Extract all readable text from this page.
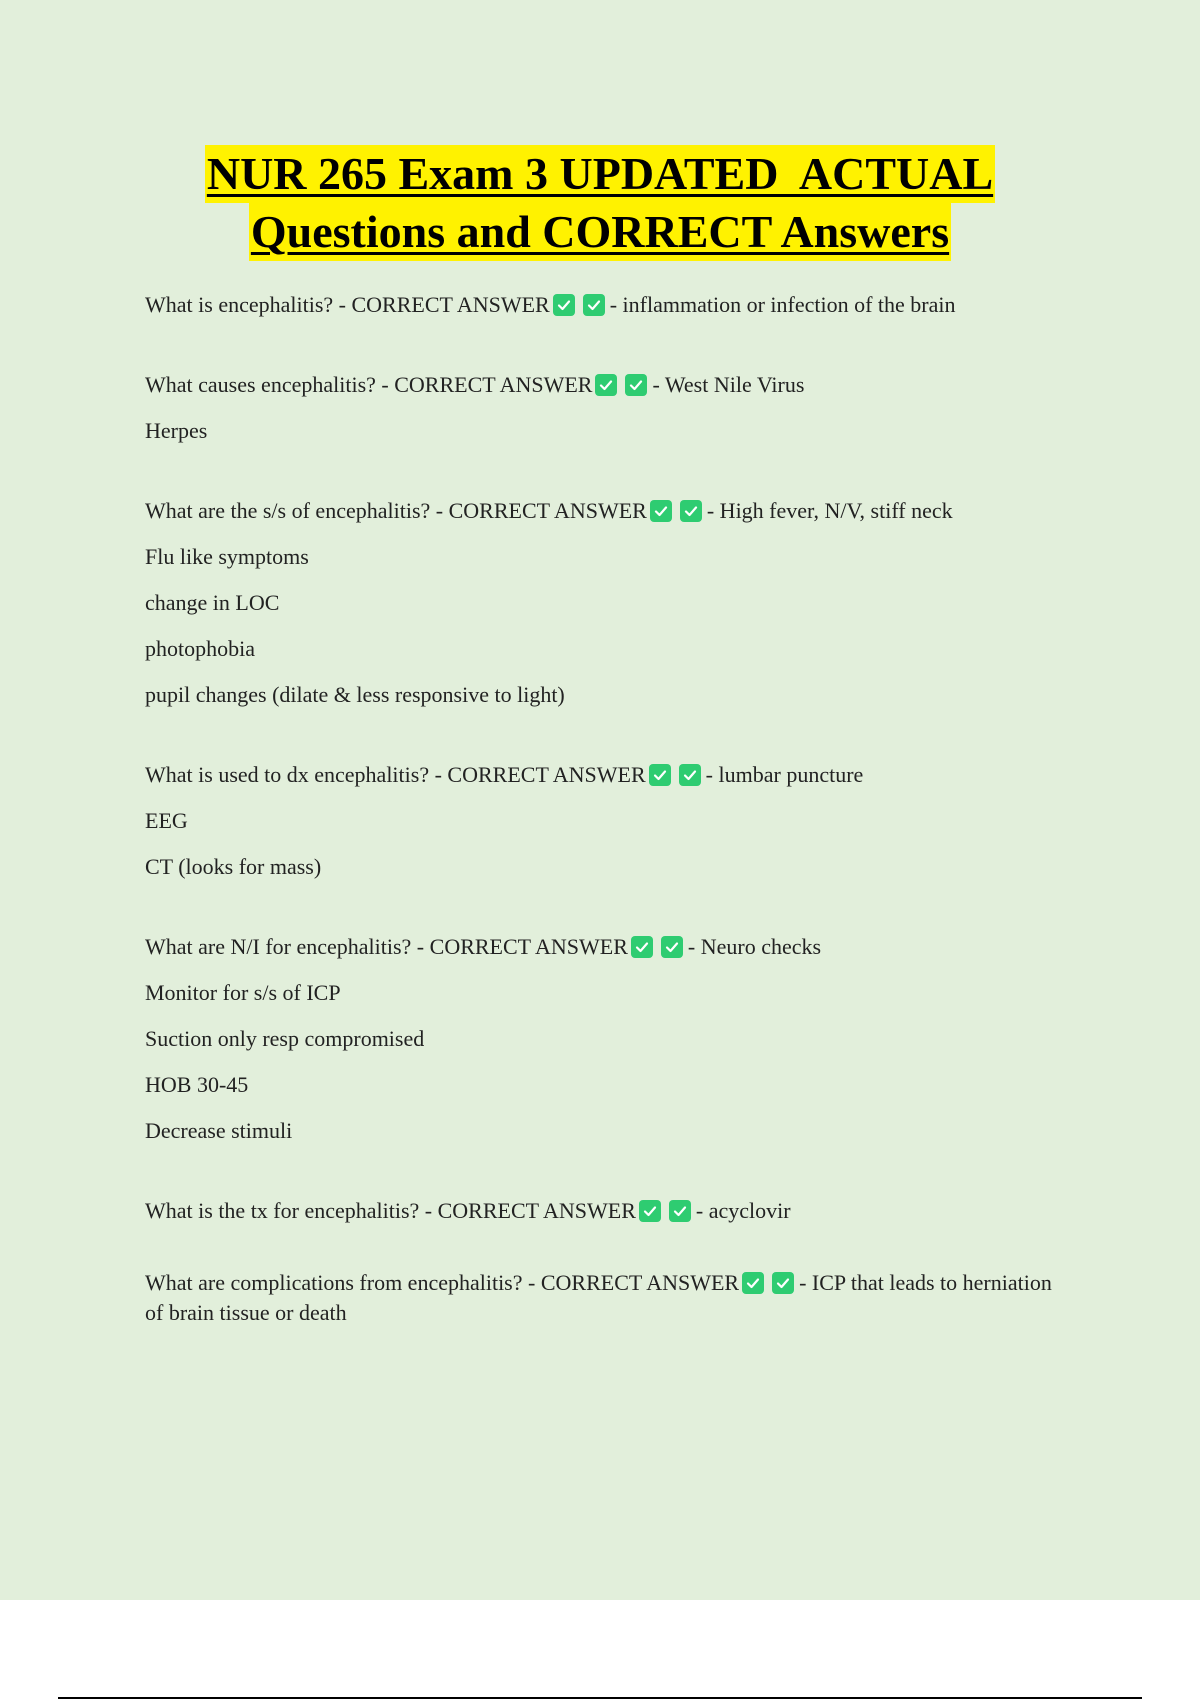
NUR 265 Exam 3 UPDATED  ACTUAL
Questions and CORRECT Answers
What is encephalitis? - CORRECT ANSWER	- inflammation or infection of the brain
What causes encephalitis? - CORRECT ANSWER	- West Nile Virus
Herpes
What are the s/s of encephalitis? - CORRECT ANSWER	- High fever, N/V, stiff neck
Flu like symptoms
change in LOC
photophobia
pupil changes (dilate & less responsive to light)
What is used to dx encephalitis? - CORRECT ANSWER	- lumbar puncture
EEG
CT (looks for mass)
What are N/I for encephalitis? - CORRECT ANSWER	- Neuro checks
Monitor for s/s of ICP
Suction only resp compromised
HOB 30-45
Decrease stimuli
What is the tx for encephalitis? - CORRECT ANSWER	- acyclovir
What are complications from encephalitis? - CORRECT ANSWER	- ICP that leads to herniation of brain tissue or death
